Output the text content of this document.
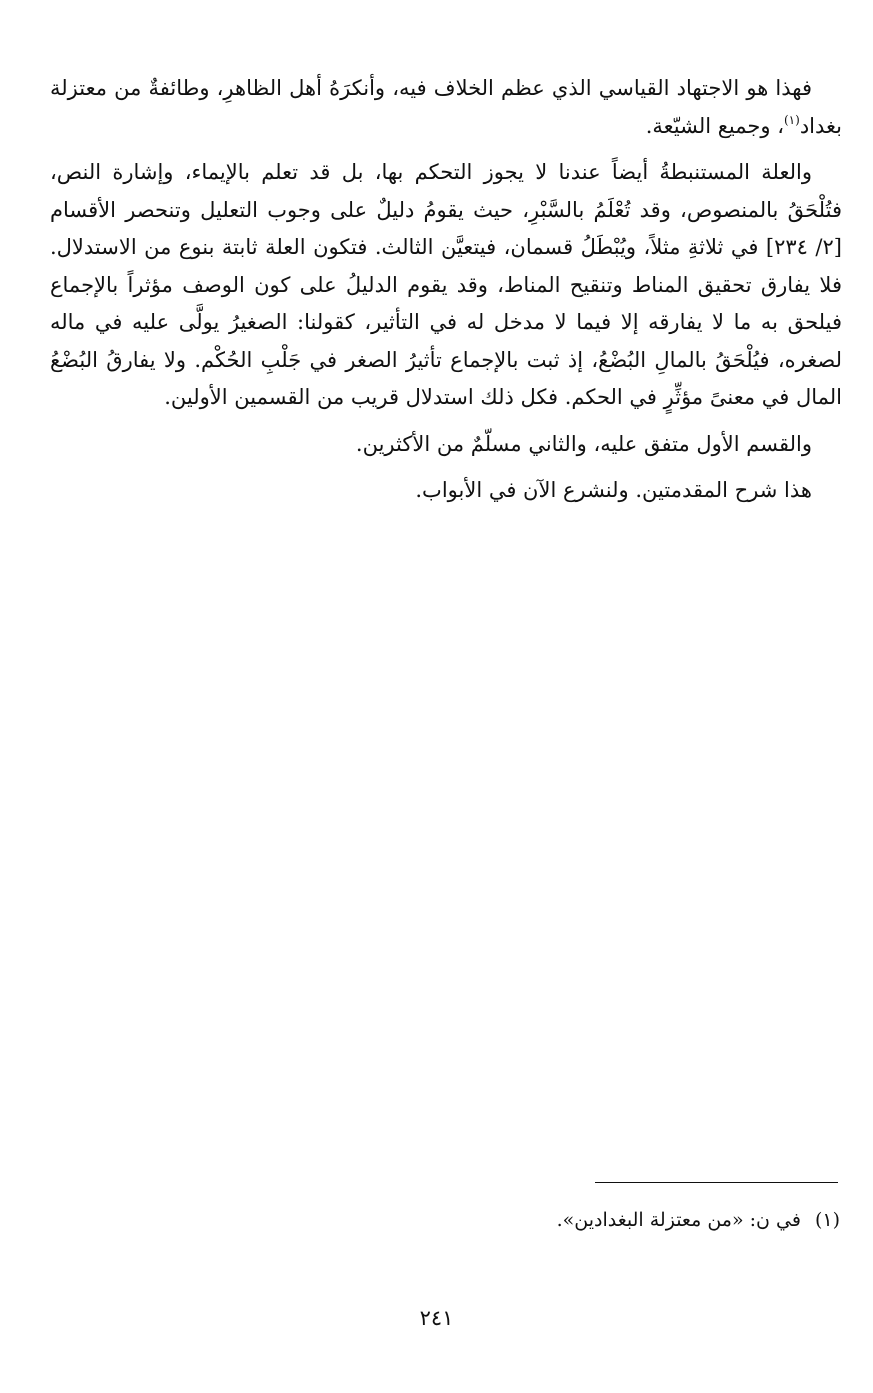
فهذا هو الاجتهاد القياسي الذي عظم الخلاف فيه، وأنكرَهُ أهل الظاهرِ، وطائفةٌ من معتزلة بغداد$^{(١)}$، وجميع الشيّعة.

والعلة المستنبطةُ أيضاً عندنا لا يجوز التحكم بها، بل قد تعلم بالإيماء، وإشارة النص، فتُلْحَقُ بالمنصوص، وقد تُعْلَمُ بالسَّبْرِ، حيث يقومُ دليلٌ على وجوب التعليل وتنحصر الأقسام [٢/ ٢٣٤] في ثلاثةِ مثلاً، ويُبْطَلُ قسمان، فيتعيَّن الثالث. فتكون العلة ثابتة بنوع من الاستدلال. فلا يفارق تحقيق المناط وتنقيح المناط، وقد يقوم الدليلُ على كون الوصف مؤثراً بالإجماع فيلحق به ما لا يفارقه إلا فيما لا مدخل له في التأثير، كقولنا: الصغيرُ يولَّى عليه في ماله لصغره، فيُلْحَقُ بالمالِ البُضْعُ، إذ ثبت بالإجماع تأثيرُ الصغر في جَلْبِ الحُكْم. ولا يفارقُ البُضْعُ المال في معنىً مؤثِّرٍ في الحكم. فكل ذلك استدلال قريب من القسمين الأولين.

والقسم الأول متفق عليه، والثاني مسلّمٌ من الأكثرين.

هذا شرح المقدمتين. ولنشرع الآن في الأبواب.

(١)في ن: «من معتزلة البغدادين».
٢٤١
